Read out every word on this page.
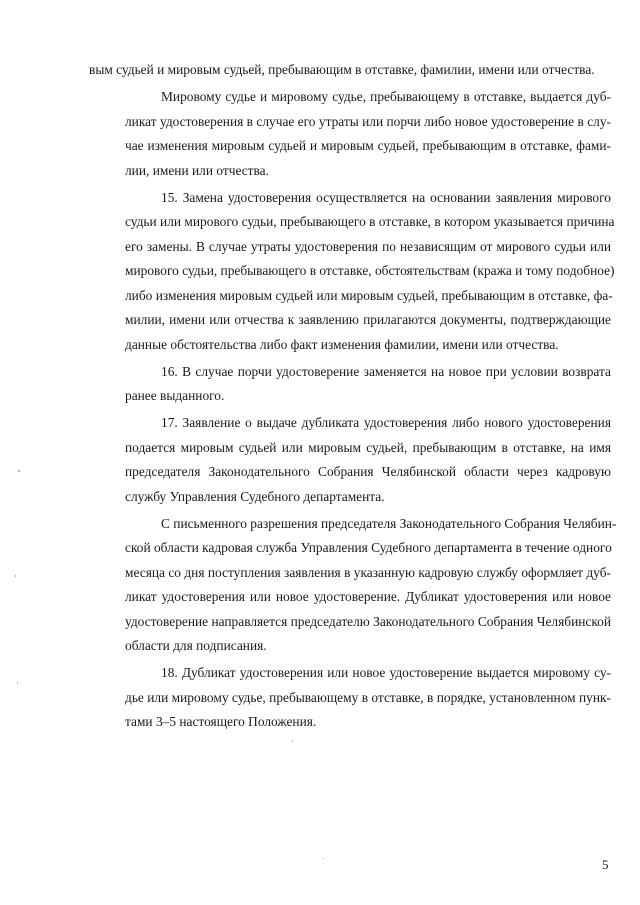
вым судьей и мировым судьей, пребывающим в отставке, фамилии, имени или отчества.

Мировому судье и мировому судье, пребывающему в отставке, выдается дуб-
ликат удостоверения в случае его утраты или порчи либо новое удостоверение в слу-
чае изменения мировым судьей и мировым судьей, пребывающим в отставке, фами-
лии, имени или отчества.

15. Замена удостоверения осуществляется на основании заявления мирового
судьи или мирового судьи, пребывающего в отставке, в котором указывается причина
его замены. В случае утраты удостоверения по независящим от мирового судьи или
мирового судьи, пребывающего в отставке, обстоятельствам (кража и тому подобное)
либо изменения мировым судьей или мировым судьей, пребывающим в отставке, фа-
милии, имени или отчества к заявлению прилагаются документы, подтверждающие
данные обстоятельства либо факт изменения фамилии, имени или отчества.

16. В случае порчи удостоверение заменяется на новое при условии возврата
ранее выданного.

17. Заявление о выдаче дубликата удостоверения либо нового удостоверения
подается мировым судьей или мировым судьей, пребывающим в отставке, на имя
председателя Законодательного Собрания Челябинской области через кадровую
службу Управления Судебного департамента.

С письменного разрешения председателя Законодательного Собрания Челябин-
ской области кадровая служба Управления Судебного департамента в течение одного
месяца со дня поступления заявления в указанную кадровую службу оформляет дуб-
ликат удостоверения или новое удостоверение. Дубликат удостоверения или новое
удостоверение направляется председателю Законодательного Собрания Челябинской
области для подписания.

18. Дубликат удостоверения или новое удостоверение выдается мировому су-
дье или мировому судье, пребывающему в отставке, в порядке, установленном пунк-
тами 3–5 настоящего Положения.

5
